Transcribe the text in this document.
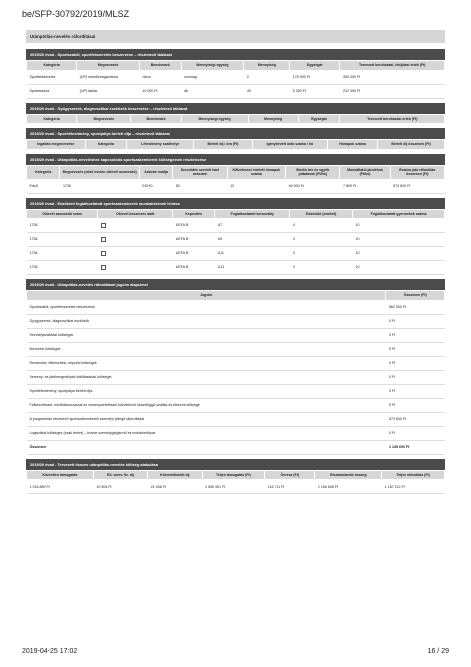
be/SFP-30792/2019/MLSZ
Utánpótlás-nevelés ráfordításai
2019/20 évad - Sportszakői, sportfelszerelés beszerzése – részletező táblázat
Kategória	Megnevezés	Benchmark	Mennyiségi egység	Mennyiség	Egységár	Tervezett beruházási, felújítási érték (Ft)
Sportfelszerelés	(UP) mérkőzésgarnitúra	nincs	csomag	2	175 000 Ft	350 000 Ft
Sporteszköz	(UP) labda	10 000 Ft	db	40	5 300 Ft	212 000 Ft
2019/20 évad - Gyógyszerek, diagnosztikai eszközök beszerzése – részletező táblázat
Kategória	Megnevezés	Benchmark	Mennyiségi egység	Mennyiség	Egységár	Tervezett beruházási érték (Ft)
2019/20 évad - Sportlétesítmény, sportpálya bérleti díja – részletező táblázat
Ingatlan megnevezése	Kategória	Létesítmény szakhelye	Bérleti díj / óra (Ft)	Igénybevett órák száma / hó	Hónapok száma	Bérleti díj összesen (Ft)
2019/20 évad - Utánpótlás-neveléshez kapcsolódó sportszakemberek költségeinek részletezése
Kategória	Megnevezés (edző esetén oklevél azonosító)	Adózás módja	Szerződés szerinti havi óraszám	Kifizetéssel érintett hónapok száma	Bruttó bér és egyéb juttatások (Ft/hó)	Munkáltatói járulékok (Ft/hó)	Évadra jutó ráfordítás összesen (Ft)
Edző	1736	EKHO	50	12	40 000 Ft	7 800 Ft	573 600 Ft
2019/20 évad - Edzőként foglalkoztatott sportszakemberek munkakörének leírása
Oklevél azonosító szám	Oklevél beszerzés alatt	Képesítés	Foglalkoztatott korosztály	Edzésidő (óra/hét)	Foglalkoztatott gyermekek száma
1736		UEFA B	U7	4	10
1736		UEFA B	U9	3	10
1736		UEFA B	U11	3	10
1736		UEFA B	U13	3	10
2019/20 évad - Utánpótlás-nevelés ráfordításai jogcím alapcímei
Jogcím	Összesen (Ft)
Sportszakői, sportfelszerelés beszerzése	562 000 Ft
Gyógyszerek, diagnosztikai eszközök	0 Ft
Személyszállítási költségek	0 Ft
Nevezési költségek	0 Ft
Rendezési, felkészítési, képzési költségek	0 Ft
Verseny- és játékengedélyek kiállításának költségei	0 Ft
Sportlétesítmény, sportpálya bérleti díja	0 Ft
Felkészítéssel, edzőtáborozással az versenyeztetéssel közvetlenül összefüggő szállás és étkezés költsége	0 Ft
A programban résztvevő sportszakemberek személyi jellegű ráfordításai	573 600 Ft
Logisztikai költségek (csak bérlet) – kivéve személygépjármű és motorkerékpár	0 Ft
Összesen	1 135 600 Ft
2019/20 évad - Tervezett összes utánpótlás-nevelés költség alakulása
Közvetlen támogatás	Ell. szerv. fiz. díj	Közreműködői díj	Teljes támogatás (Ft)	Önrész (Ft)	Elszámolandó összeg	Teljes ráfordítás (Ft)
1 018 889 Ft	10 504 Ft	21 008 Ft	1 050 401 Ft	116 711 Ft	1 156 608 Ft	1 167 112 Ft
2019-04-25 17:02	16 / 29
